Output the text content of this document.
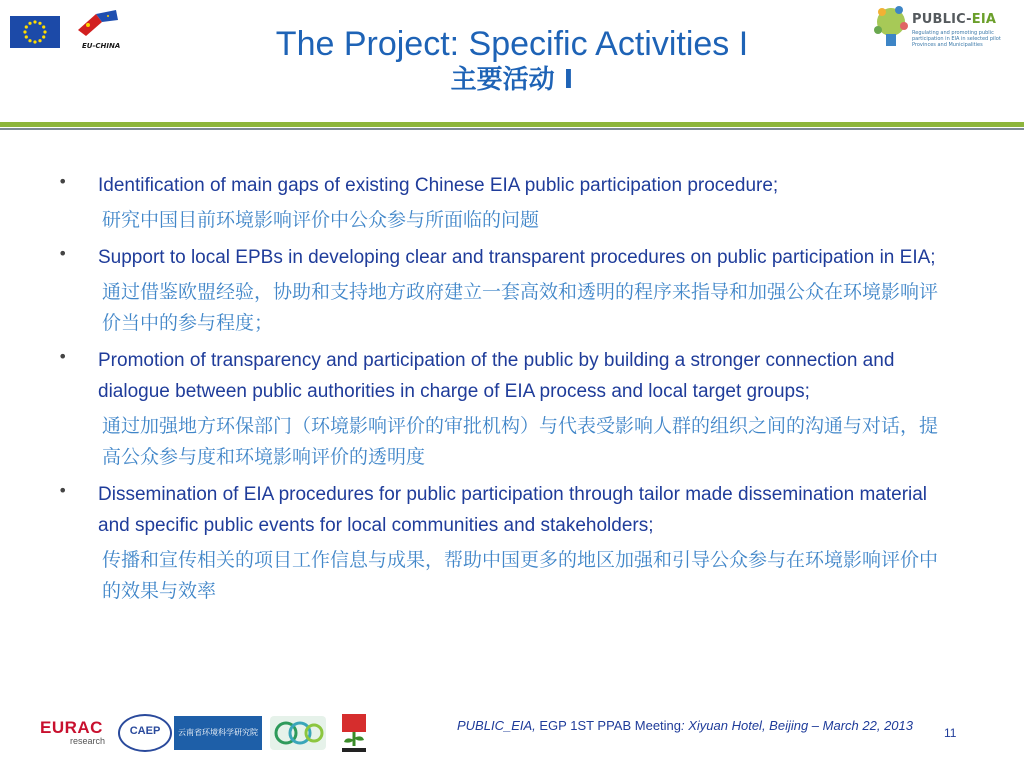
EU-CHINA
PUBLIC-EIA
Regulating and promoting public participation in EIA in selected pilot Provinces and Municipalities
The Project: Specific Activities I
主要活动 I
• Identification of main gaps of existing Chinese EIA public participation procedure;
研究中国目前环境影响评价中公众参与所面临的问题
• Support to local EPBs in developing clear and transparent procedures on public participation in EIA;
通过借鉴欧盟经验，协助和支持地方政府建立一套高效和透明的程序来指导和加强公众在环境影响评价当中的参与程度；
• Promotion of transparency and participation of the public by building a stronger connection and dialogue between public authorities in charge of EIA process and local target groups;
通过加强地方环保部门（环境影响评价的审批机构）与代表受影响人群的组织之间的沟通与对话，提高公众参与度和环境影响评价的透明度
• Dissemination of EIA procedures for public participation through tailor made dissemination material and specific public events for local communities and stakeholders;
传播和宣传相关的项目工作信息与成果，帮助中国更多的地区加强和引导公众参与在环境影响评价中的效果与效率
EURAC
research
CAEP	云南省环境科学研究院	PUBLIC_EIA, EGP 1ST PPAB Meeting: Xiyuan Hotel, Beijing – March 22, 2013	11
